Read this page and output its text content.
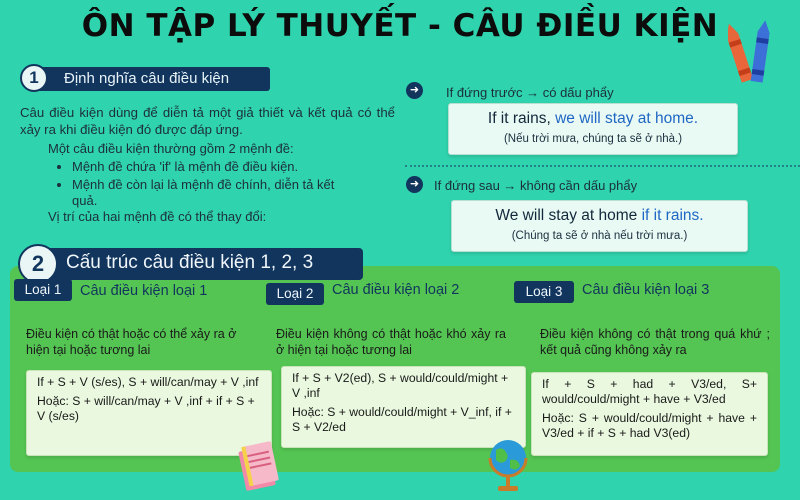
ÔN TẬP LÝ THUYẾT - CÂU ĐIỀU KIỆN
1	Định nghĩa câu điều kiện
Câu điều kiện dùng để diễn tả một giả thiết và kết quả có thể xảy ra khi điều kiện đó được đáp ứng.
Một câu điều kiện thường gồm 2 mệnh đề:
• Mệnh đề chứa 'if' là mệnh đề điều kiện.
• Mệnh đề còn lại là mệnh đề chính, diễn tả kết quả.
Vị trí của hai mệnh đề có thể thay đổi:
➜ If đứng trước → có dấu phẩy
If it rains, we will stay at home.
(Nếu trời mưa, chúng ta sẽ ở nhà.)
➜ If đứng sau → không cần dấu phẩy
We will stay at home if it rains.
(Chúng ta sẽ ở nhà nếu trời mưa.)
2	Cấu trúc câu điều kiện 1, 2, 3
Loại 1	Câu điều kiện loại 1
Điều kiện có thật hoặc có thể xảy ra ở hiện tại hoặc tương lai

If + S + V (s/es), S + will/can/may + V ,inf

Hoặc: S + will/can/may + V ,inf + if + S + V (s/es)

Loại 2	Câu điều kiện loại 2
Điều kiện không có thật hoặc khó xảy ra ở hiện tại hoặc tương lai

If + S + V2(ed), S + would/could/might + V ,inf

Hoặc: S + would/could/might + V_inf, if + S + V2/ed

Loại 3	Câu điều kiện loại 3
Điều kiện không có thật trong quá khứ ; kết quả cũng không xảy ra

If + S + had + V3/ed, S+ would/could/might + have + V3/ed

Hoặc: S + would/could/might + have + V3/ed + if + S + had V3(ed)
